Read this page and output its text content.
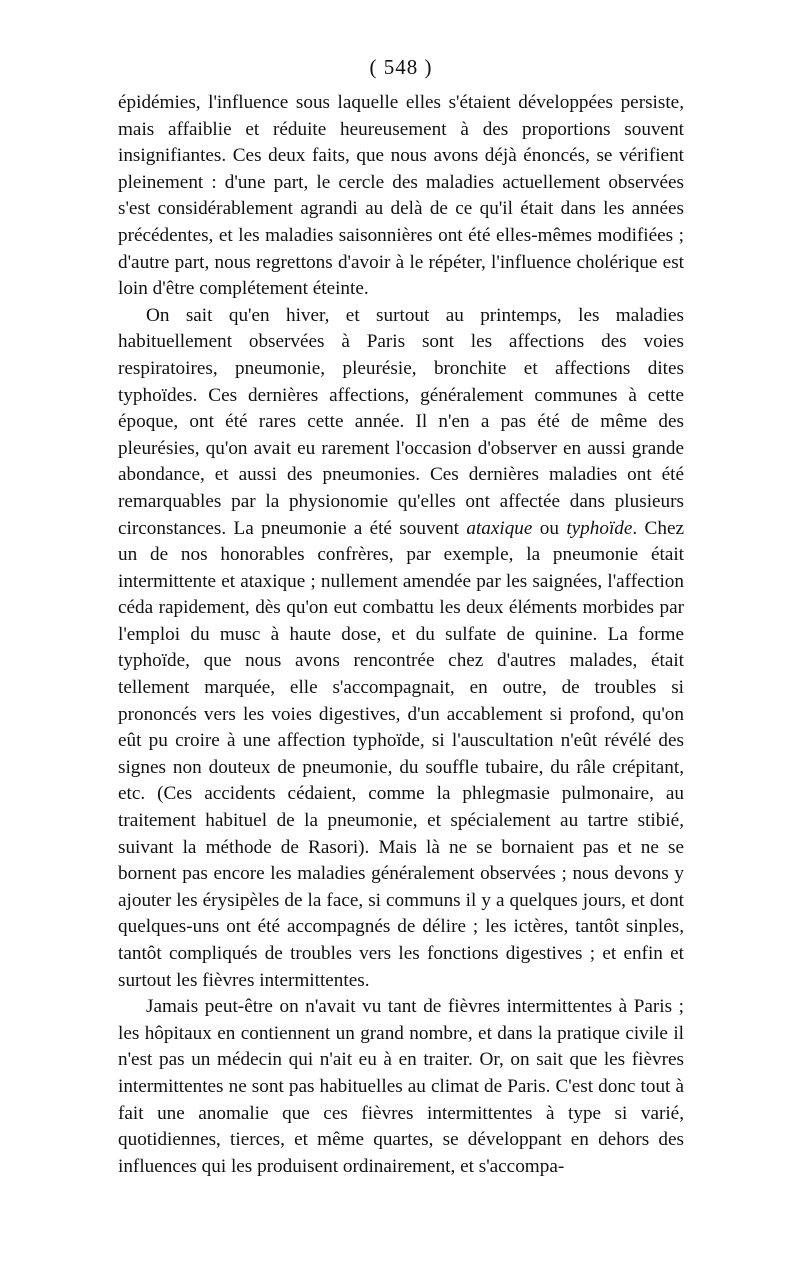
( 548 )

épidémies, l'influence sous laquelle elles s'étaient développées persiste, mais affaiblie et réduite heureusement à des proportions souvent insignifiantes. Ces deux faits, que nous avons déjà énoncés, se vérifient pleinement : d'une part, le cercle des maladies actuellement observées s'est considérablement agrandi au delà de ce qu'il était dans les années précédentes, et les maladies saisonnières ont été elles-mêmes modifiées ; d'autre part, nous regrettons d'avoir à le répéter, l'influence cholérique est loin d'être complétement éteinte.

On sait qu'en hiver, et surtout au printemps, les maladies habituellement observées à Paris sont les affections des voies respiratoires, pneumonie, pleurésie, bronchite et affections dites typhoïdes. Ces dernières affections, généralement communes à cette époque, ont été rares cette année. Il n'en a pas été de même des pleurésies, qu'on avait eu rarement l'occasion d'observer en aussi grande abondance, et aussi des pneumonies. Ces dernières maladies ont été remarquables par la physionomie qu'elles ont affectée dans plusieurs circonstances. La pneumonie a été souvent ataxique ou typhoïde. Chez un de nos honorables confrères, par exemple, la pneumonie était intermittente et ataxique ; nullement amendée par les saignées, l'affection céda rapidement, dès qu'on eut combattu les deux éléments morbides par l'emploi du musc à haute dose, et du sulfate de quinine. La forme typhoïde, que nous avons rencontrée chez d'autres malades, était tellement marquée, elle s'accompagnait, en outre, de troubles si prononcés vers les voies digestives, d'un accablement si profond, qu'on eût pu croire à une affection typhoïde, si l'auscultation n'eût révélé des signes non douteux de pneumonie, du souffle tubaire, du râle crépitant, etc. (Ces accidents cédaient, comme la phlegmasie pulmonaire, au traitement habituel de la pneumonie, et spécialement au tartre stibié, suivant la méthode de Rasori). Mais là ne se bornaient pas et ne se bornent pas encore les maladies généralement observées ; nous devons y ajouter les érysipèles de la face, si communs il y a quelques jours, et dont quelques-uns ont été accompagnés de délire ; les ictères, tantôt sinples, tantôt compliqués de troubles vers les fonctions digestives ; et enfin et surtout les fièvres intermittentes.

Jamais peut-être on n'avait vu tant de fièvres intermittentes à Paris ; les hôpitaux en contiennent un grand nombre, et dans la pratique civile il n'est pas un médecin qui n'ait eu à en traiter. Or, on sait que les fièvres intermittentes ne sont pas habituelles au climat de Paris. C'est donc tout à fait une anomalie que ces fièvres intermittentes à type si varié, quotidiennes, tierces, et même quartes, se développant en dehors des influences qui les produisent ordinairement, et s'accompa-
